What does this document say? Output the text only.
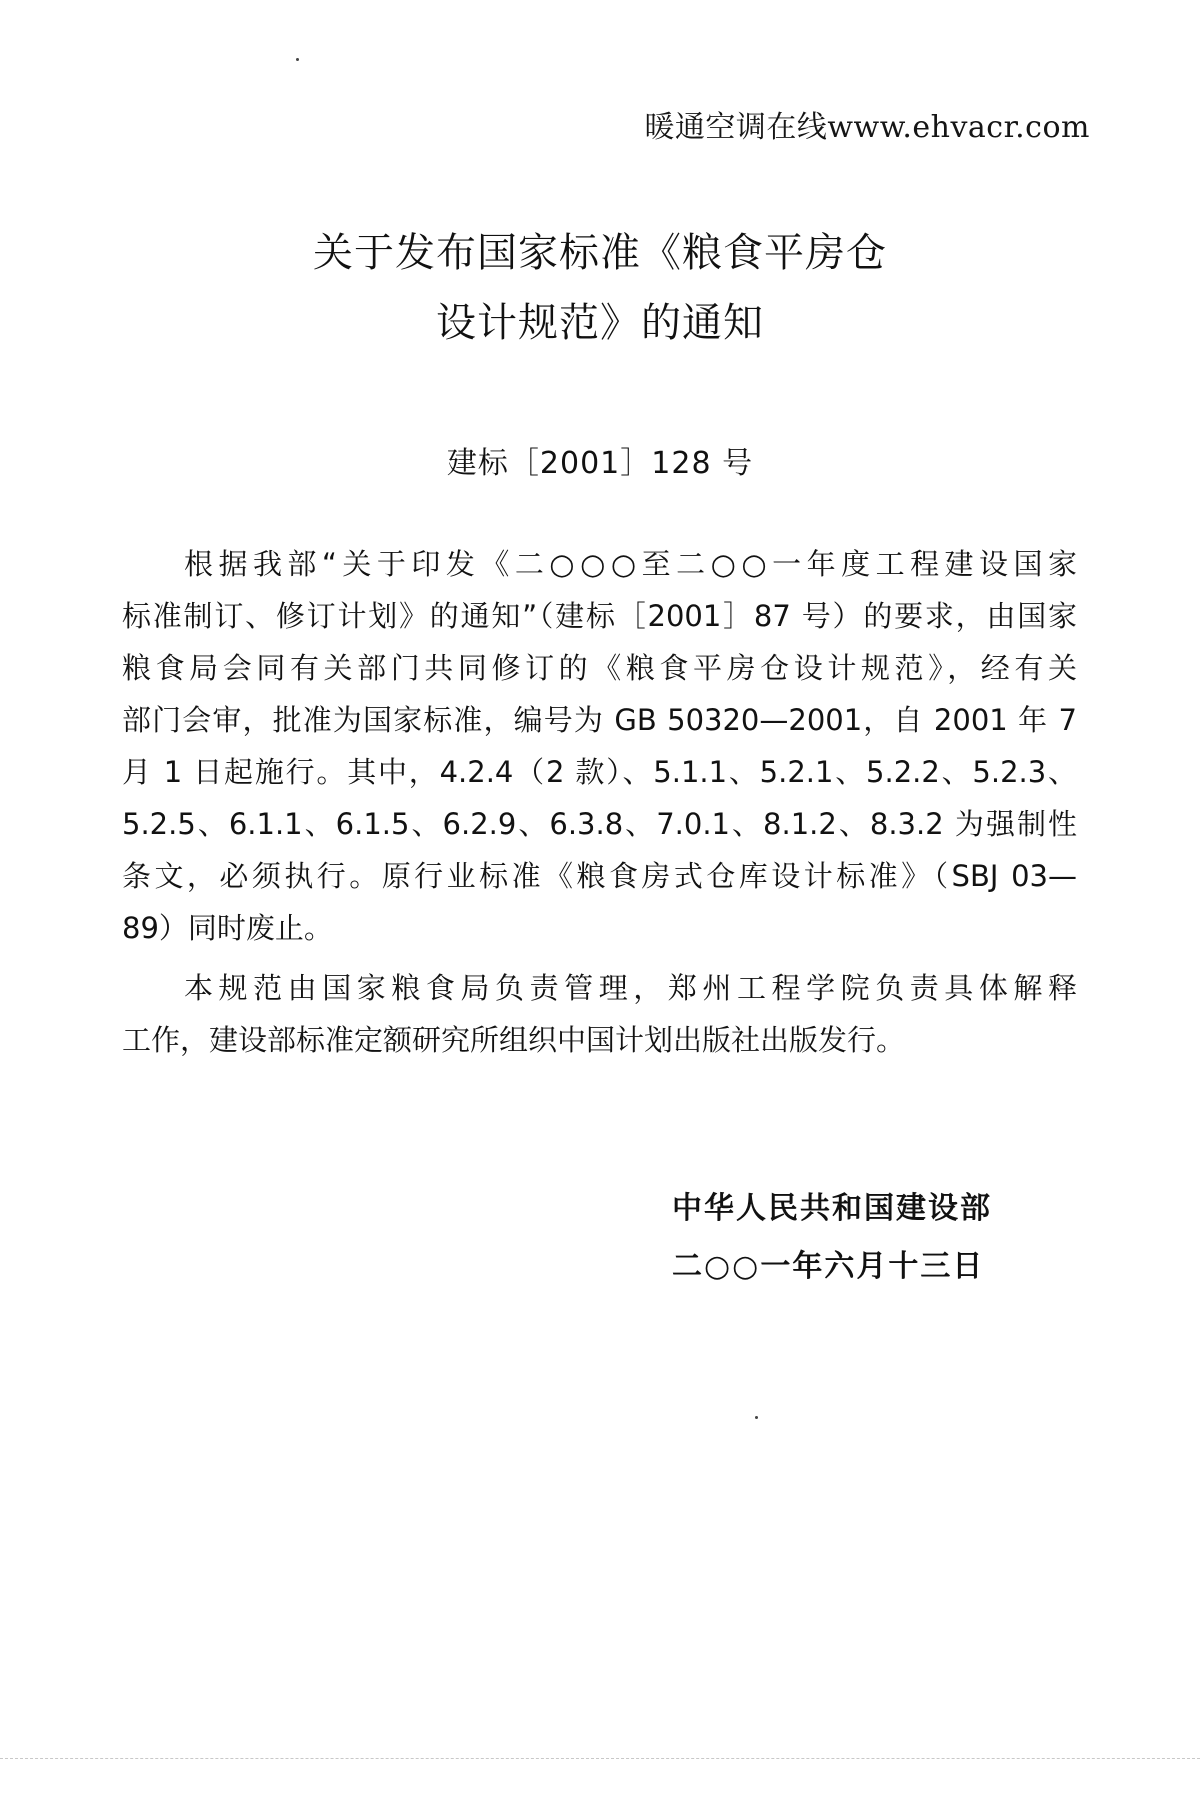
暖通空调在线www.ehvacr.com
关于发布国家标准《粮食平房仓
设计规范》的通知
建标［2001］128 号
根据我部“关于印发《二○○○至二○○一年度工程建设国家
标准制订、修订计划》的通知”（建标［2001］87 号）的要求，由国家
粮食局会同有关部门共同修订的《粮食平房仓设计规范》，经有关
部门会审，批准为国家标准，编号为 GB 50320—2001，自 2001 年 7
月 1 日起施行。其中，4.2.4（2 款）、5.1.1、5.2.1、5.2.2、5.2.3、
5.2.5、6.1.1、6.1.5、6.2.9、6.3.8、7.0.1、8.1.2、8.3.2 为强制性
条文，必须执行。原行业标准《粮食房式仓库设计标准》（SBJ 03—
89）同时废止。
本规范由国家粮食局负责管理，郑州工程学院负责具体解释
工作，建设部标准定额研究所组织中国计划出版社出版发行。
中华人民共和国建设部
二○○一年六月十三日
